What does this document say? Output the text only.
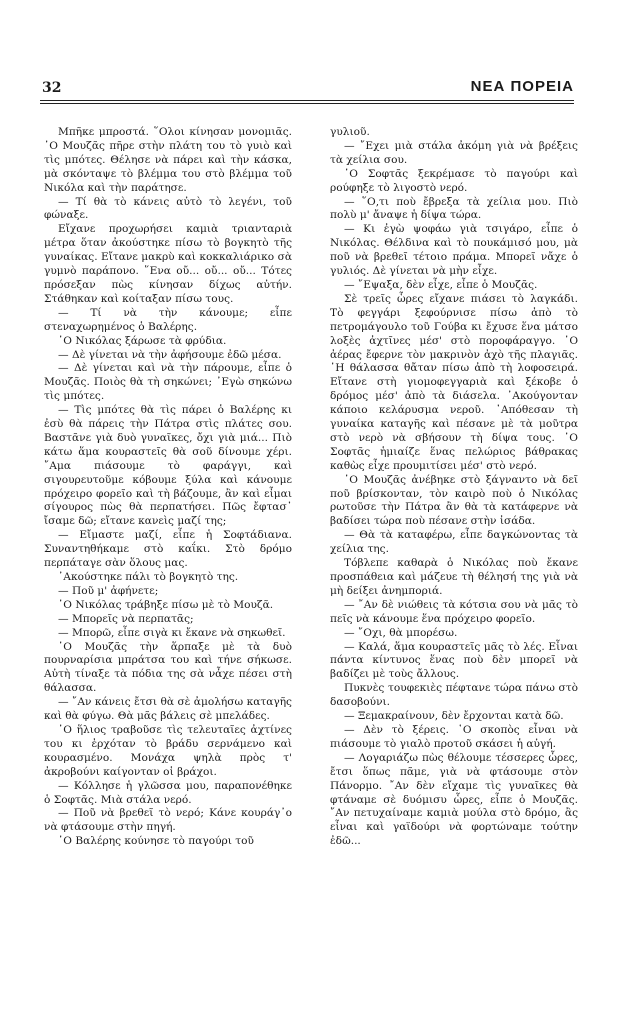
32	ΝΕΑ ΠΟΡΕΙΑ

Μπῆκε μπροστά. ῞Ολοι κίνησαν μονομιᾶς. ῾Ο Μουζᾶς πῆρε στὴν πλάτη του τὸ γυιὸ καὶ τὶς μπότες. Θέλησε νὰ πάρει καὶ τὴν κάσκα, μὰ σκόνταψε τὸ βλέμμα του στὸ βλέμμα τοῦ Νικόλα καὶ τὴν παράτησε.

— Τί θὰ τὸ κάνεις αὐτὸ τὸ λεγένι, τοῦ φώναξε.

Εἴχανε προχωρήσει καμιὰ τριανταριὰ μέτρα ὅταν ἀκούστηκε πίσω τὸ βογκητὸ τῆς γυναίκας. Εἴτανε μακρὺ καὶ κοκκαλιάρικο σὰ γυμνὸ παράπονο. ῞Ενα οὔ... οὔ... οὔ... Τότες πρόσεξαν πὼς κίνησαν δίχως αὐτήν. Στάθηκαν καὶ κοίταξαν πίσω τους.

— Τί νὰ τὴν κάνουμε; εἶπε στεναχωρημένος ὁ Βαλέρης.

῾Ο Νικόλας ξάρωσε τὰ φρύδια.

— Δὲ γίνεται νὰ τὴν ἀφήσουμε ἐδῶ μέσα.

— Δὲ γίνεται καὶ νὰ τὴν πάρουμε, εἶπε ὁ Μουζᾶς. Ποιὸς θὰ τὴ σηκώνει; ᾿Εγὼ σηκώνω τὶς μπότες.

— Τὶς μπότες θὰ τὶς πάρει ὁ Βαλέρης κι ἐσὺ θὰ πάρεις τὴν Πάτρα στὶς πλάτες σου. Βαστᾶνε γιὰ δυὸ γυναῖκες, ὄχι γιὰ μιά... Πιὸ κάτω ἅμα κουραστεῖς θὰ σοῦ δίνουμε χέρι. ῎Αμα πιάσουμε τὸ φαράγγι, καὶ σιγουρευτοῦμε κόβουμε ξύλα καὶ κάνουμε πρόχειρο φορεῖο καὶ τὴ βάζουμε, ἂν καὶ εἶμαι σίγουρος πὼς θὰ περπατήσει. Πῶς ἔφτασ᾿ ἴσαμε δῶ; εἴτανε κανεὶς μαζί της;

— Εἴμαστε μαζί, εἶπε ἡ Σοφτάδιανα. Συναντηθήκαμε στὸ καΐκι. Στὸ δρόμο περπάταγε σὰν ὅλους μας.

᾿Ακούστηκε πάλι τὸ βογκητὸ της.

— Ποῦ μ' ἀφήνετε;

῾Ο Νικόλας τράβηξε πίσω μὲ τὸ Μουζᾶ.

— Μπορεῖς νὰ περπατᾶς;

— Μπορῶ, εἶπε σιγὰ κι ἔκανε νὰ σηκωθεῖ.

῾Ο Μουζᾶς τὴν ἅρπαξε μὲ τὰ δυὸ πουρναρίσια μπράτσα του καὶ τήνε σήκωσε. Αὐτὴ τίναξε τὰ πόδια της σὰ νἆχε πέσει στὴ θάλασσα.

— ῎Αν κάνεις ἔτσι θὰ σὲ ἀμολήσω καταγῆς καὶ θὰ φύγω. Θὰ μᾶς βάλεις σὲ μπελάδες.

῾Ο ἥλιος τραβοῦσε τὶς τελευταῖες ἀχτίνες του κι ἐρχόταν τὸ βράδυ σερνάμενο καὶ κουρασμένο. Μονάχα ψηλὰ πρὸς τ' ἀκροβούνι καίγονταν οἱ βράχοι.

— Κόλλησε ἡ γλῶσσα μου, παραπονέθηκε ὁ Σοφτᾶς. Μιὰ στάλα νερό.

— Ποῦ νὰ βρεθεῖ τὸ νερό; Κάνε κουράγ᾿ο νὰ φτάσουμε στὴν πηγή.

῾Ο Βαλέρης κούνησε τὸ παγούρι τοῦ

γυλιοῦ.

— ῎Εχει μιὰ στάλα ἀκόμη γιὰ νὰ βρέξεις τὰ χείλια σου.

῾Ο Σοφτᾶς ξεκρέμασε τὸ παγούρι καὶ ρούφηξε τὸ λιγοστὸ νερό.

— ῞Ο,τι ποὺ ἔβρεξα τὰ χείλια μου. Πιὸ πολὺ μ' ἄναψε ἡ δίψα τώρα.

— Κι ἐγὼ ψοφάω γιὰ τσιγάρο, εἶπε ὁ Νικόλας. Θέλδινα καὶ τὸ πουκάμισό μου, μὰ ποῦ νὰ βρεθεῖ τέτοιο πράμα. Μπορεῖ νἄχε ὁ γυλιός. Δὲ γίνεται νὰ μὴν εἶχε.

— ῎Εψαξα, δὲν εἶχε, εἶπε ὁ Μουζᾶς.

Σὲ τρεῖς ὧρες εἴχανε πιάσει τὸ λαγκάδι. Τὸ φεγγάρι ξεφούρνισε πίσω ἀπὸ τὸ πετρομάγουλο τοῦ Γούβα κι ἔχυσε ἕνα μάτσο λοξὲς ἀχτῖνες μέσ' στὸ ποροφάραγγο. ῾Ο ἀέρας ἔφερνε τὸν μακρινὸν ἀχὸ τῆς πλαγιᾶς. ῾Η θάλασσα θἄταν πίσω ἀπὸ τὴ λοφοσειρά. Εἴτανε στὴ γιομοφεγγαριὰ καὶ ξέκοβε ὁ δρόμος μέσ' ἀπὸ τὰ διάσελα. ᾿Ακούγονταν κάποιο κελάρυσμα νεροῦ. ᾿Απόθεσαν τὴ γυναίκα καταγῆς καὶ πέσανε μὲ τὰ μοῦτρα στὸ νερὸ νὰ σβήσουν τὴ δίψα τους. ῾Ο Σοφτᾶς ἡμιαίζε ἕνας πελώριος βάθρακας καθὼς εἶχε προυμιτίσει μέσ' στὸ νερό.

῾Ο Μουζᾶς ἀνέβηκε στὸ ξάγναντο νὰ δεῖ ποῦ βρίσκονταν, τὸν καιρὸ ποὺ ὁ Νικόλας ρωτοῦσε τὴν Πάτρα ἂν θὰ τὰ κατάφερνε νὰ βαδίσει τώρα ποὺ πέσανε στὴν ἰσάδα.

— Θὰ τὰ καταφέρω, εἶπε δαγκώνοντας τὰ χείλια της.

Τόβλεπε καθαρὰ ὁ Νικόλας ποὺ ἔκανε προσπάθεια καὶ μάζευε τὴ θέλησή της γιὰ νὰ μὴ δείξει ἀνημποριά.

— ῎Αν δὲ νιώθεις τὰ κότσια σου νὰ μᾶς τὸ πεῖς νὰ κάνουμε ἕνα πρόχειρο φορεῖο.

— ῎Οχι, θὰ μπορέσω.

— Καλά, ἅμα κουραστεῖς μᾶς τὸ λές. Εἶναι πάντα κίντυνος ἕνας ποὺ δὲν μπορεῖ νὰ βαδίζει μὲ τοὺς ἄλλους.

Πυκνὲς τουφεκιὲς πέφτανε τώρα πάνω στὸ δασοβούνι.

— Ξεμακραίνουν, δὲν ἔρχονται κατὰ δῶ.

— Δὲν τὸ ξέρεις. ῾Ο σκοπὸς εἶναι νὰ πιάσουμε τὸ γιαλὸ προτοῦ σκάσει ἡ αὐγή.

— Λογαριάζω πὼς θέλουμε τέσσερες ὧρες, ἔτσι ὅπως πᾶμε, γιὰ νὰ φτάσουμε στὸν Πάνορμο. ῎Αν δὲν εἴχαμε τὶς γυναῖκες θὰ φτάναμε σὲ δυόμισυ ὧρες, εἶπε ὁ Μουζᾶς. ῎Αν πετυχαίναμε καμιὰ μούλα στὸ δρόμο, ἂς εἶναι καὶ γαϊδούρι νὰ φορτώναμε τούτην ἐδῶ...
